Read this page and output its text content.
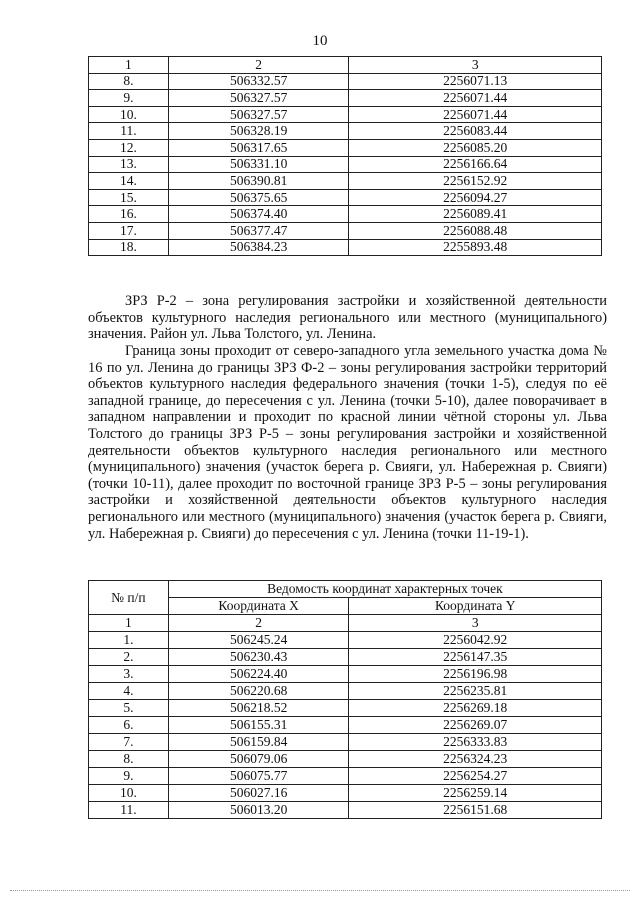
10
1	2	3
8.	506332.57	2256071.13
9.	506327.57	2256071.44
10.	506327.57	2256071.44
11.	506328.19	2256083.44
12.	506317.65	2256085.20
13.	506331.10	2256166.64
14.	506390.81	2256152.92
15.	506375.65	2256094.27
16.	506374.40	2256089.41
17.	506377.47	2256088.48
18.	506384.23	2255893.48

ЗРЗ Р-2 – зона регулирования застройки и хозяйственной деятельности объектов культурного наследия регионального или местного (муниципального) значения. Район ул. Льва Толстого, ул. Ленина.

Граница зоны проходит от северо-западного угла земельного участка дома № 16 по ул. Ленина до границы ЗРЗ Ф-2 – зоны регулирования застройки территорий объектов культурного наследия федерального значения (точки 1-5), следуя по её западной границе, до пересечения с ул. Ленина (точки 5-10), далее поворачивает в западном направлении и проходит по красной линии чётной стороны ул. Льва Толстого до границы ЗРЗ Р-5 – зоны регулирования застройки и хозяйственной деятельности объектов культурного наследия регионального или местного (муниципального) значения (участок берега р. Свияги, ул. Набережная р. Свияги) (точки 10-11), далее проходит по восточной границе ЗРЗ Р-5 – зоны регулирования застройки и хозяйственной деятельности объектов культурного наследия регионального или местного (муниципального) значения (участок берега р. Свияги, ул. Набережная р. Свияги) до пересечения с ул. Ленина (точки 11-19-1).

№ п/п	Ведомость координат характерных точек	
	Координата X	Координата Y
1	2	3
1.	506245.24	2256042.92
2.	506230.43	2256147.35
3.	506224.40	2256196.98
4.	506220.68	2256235.81
5.	506218.52	2256269.18
6.	506155.31	2256269.07
7.	506159.84	2256333.83
8.	506079.06	2256324.23
9.	506075.77	2256254.27
10.	506027.16	2256259.14
11.	506013.20	2256151.68
